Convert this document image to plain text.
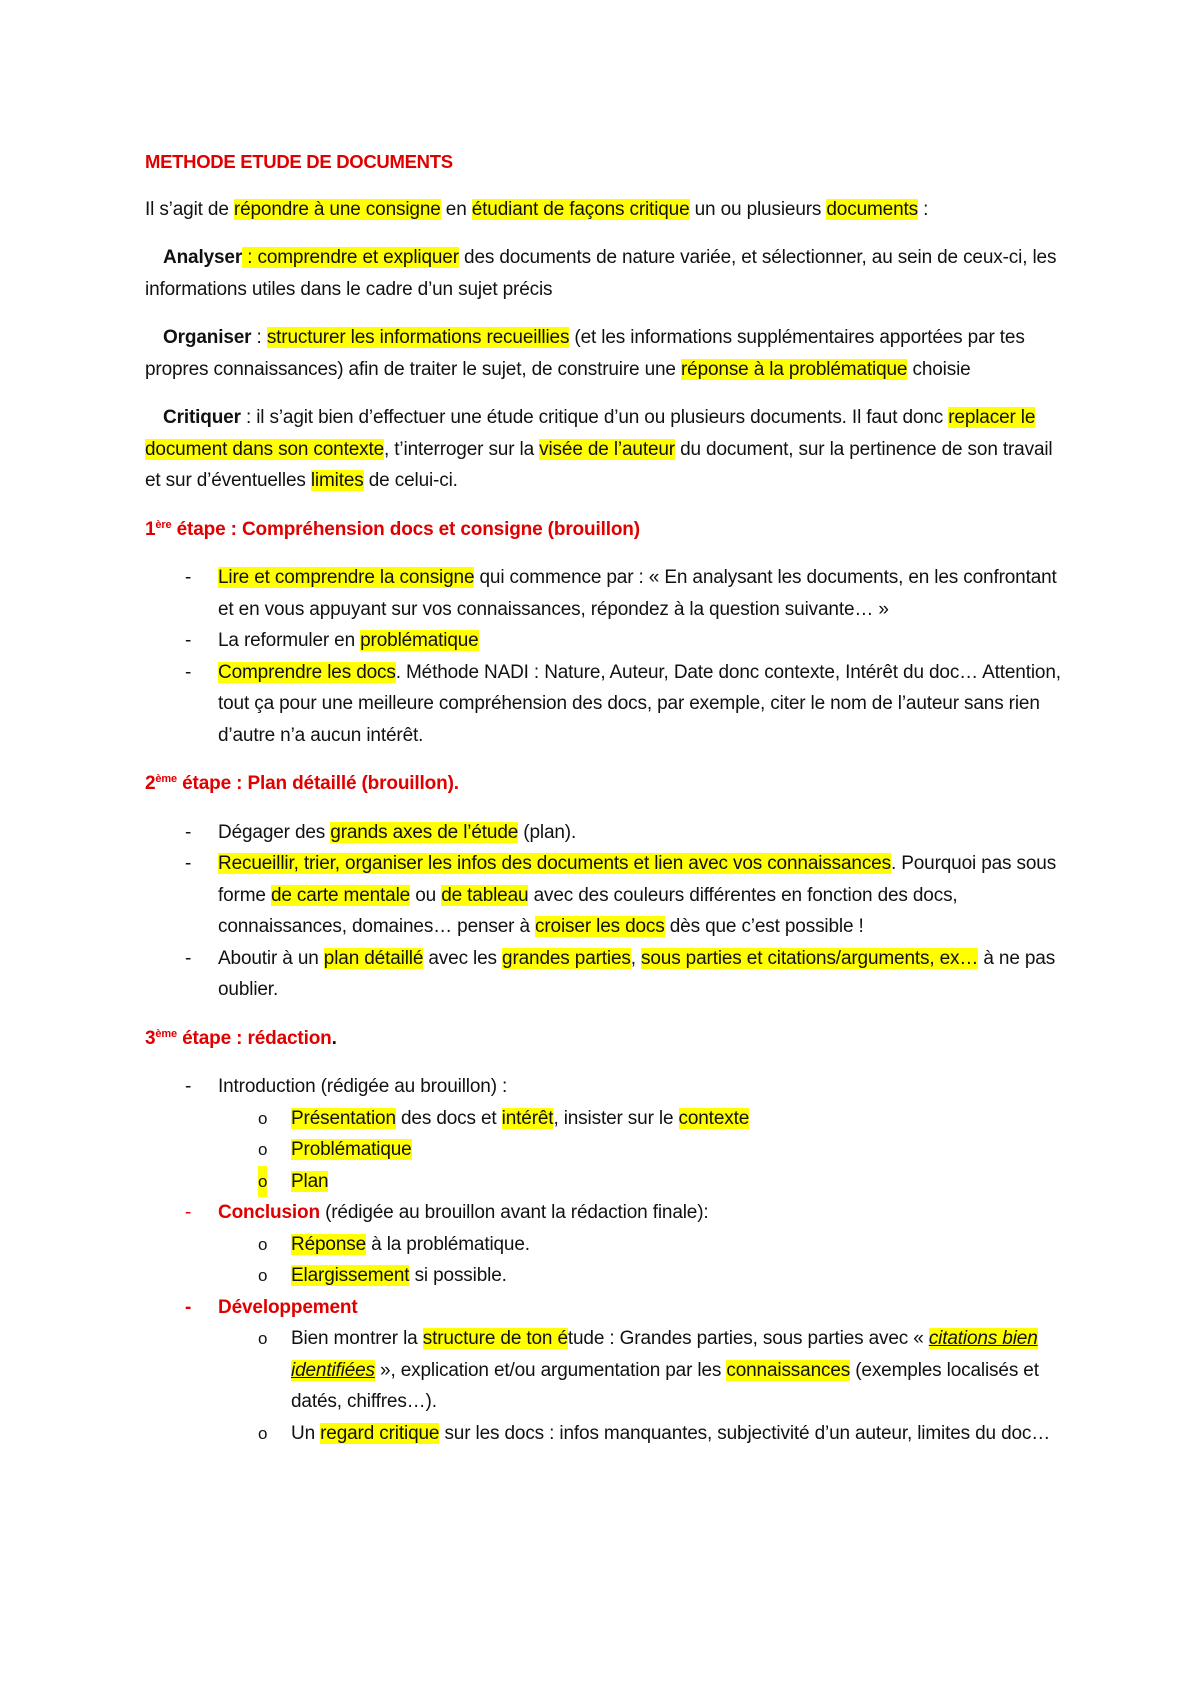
METHODE ETUDE DE DOCUMENTS

Il s’agit de répondre à une consigne en étudiant de façons critique un ou plusieurs documents :

Analyser : comprendre et expliquer des documents de nature variée, et sélectionner, au sein de ceux-ci, les informations utiles dans le cadre d’un sujet précis

Organiser : structurer les informations recueillies (et les informations supplémentaires apportées par tes propres connaissances) afin de traiter le sujet, de construire une réponse à la problématique choisie

Critiquer : il s’agit bien d’effectuer une étude critique d’un ou plusieurs documents. Il faut donc replacer le document dans son contexte, t’interroger sur la visée de l’auteur du document, sur la pertinence de son travail et sur d’éventuelles limites de celui-ci.

1ère étape : Compréhension docs et consigne (brouillon)

- Lire et comprendre la consigne qui commence par : « En analysant les documents, en les confrontant et en vous appuyant sur vos connaissances, répondez à la question suivante… »
- La reformuler en problématique
- Comprendre les docs. Méthode NADI : Nature, Auteur, Date donc contexte, Intérêt du doc… Attention, tout ça pour une meilleure compréhension des docs, par exemple, citer le nom de l’auteur sans rien d’autre n’a aucun intérêt.

2ème étape : Plan détaillé (brouillon).

- Dégager des grands axes de l’étude (plan).
- Recueillir, trier, organiser les infos des documents et lien avec vos connaissances. Pourquoi pas sous forme de carte mentale ou de tableau avec des couleurs différentes en fonction des docs, connaissances, domaines… penser à croiser les docs dès que c’est possible !
- Aboutir à un plan détaillé avec les grandes parties, sous parties et citations/arguments, ex… à ne pas oublier.

3ème étape : rédaction.

- Introduction (rédigée au brouillon) :
o Présentation des docs et intérêt, insister sur le contexte
o Problématique
o Plan
- Conclusion (rédigée au brouillon avant la rédaction finale):
o Réponse à la problématique.
o Elargissement si possible.
- Développement
o Bien montrer la structure de ton étude : Grandes parties, sous parties avec « citations bien identifiées », explication et/ou argumentation par les connaissances (exemples localisés et datés, chiffres…).
o Un regard critique sur les docs : infos manquantes, subjectivité d’un auteur, limites du doc…
